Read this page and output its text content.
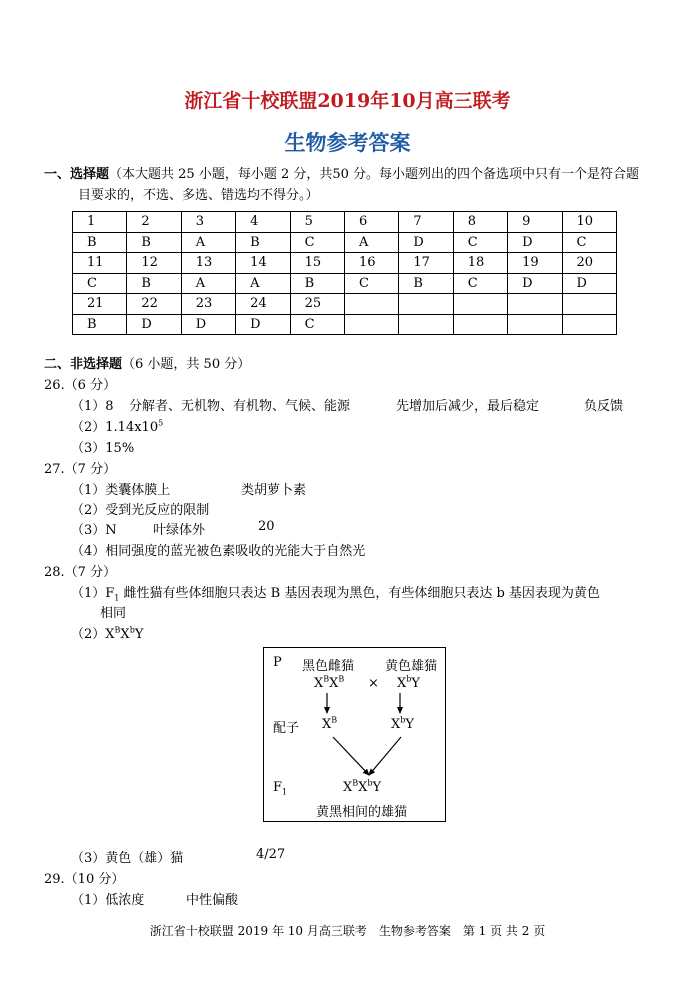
浙江省十校联盟2019年10月高三联考
生物参考答案
一、选择题（本大题共 25 小题，每小题 2 分，共50 分。每小题列出的四个备选项中只有一个是符合题
目要求的，不选、多选、错选均不得分。）
1	2	3	4	5	6	7	8	9	10
B	B	A	B	C	A	D	C	D	C
11	12	13	14	15	16	17	18	19	20
C	B	A	A	B	C	B	C	D	D
21	22	23	24	25					
B	D	D	D	C					
二、非选择题（6 小题，共 50 分）
26.（6 分）
（1）8 分解者、无机物、有机物、气候、能源	先增加后减少，最后稳定	负反馈
$(2)1.14x10^5$
（3）15%
27.（7 分）
（1）类囊体膜上	类胡萝卜素
（2）受到光反应的限制
（3）N	叶绿体外	20
（4）相同强度的蓝光被色素吸收的光能大于自然光
28.（7 分）
$(1)F_1$ 雌性猫有些体细胞只表达 B 基因表现为黑色，有些体细胞只表达 b 基因表现为黄色
相同
$(2)X^BX^bY$
P 黑色雌猫 黄色雄猫
$X^BX^B \times X^bY$
配子 $X^B$	$X^bY$
$F_1$	$X^BX^bY$
黄黑相间的雄猫
（3）黄色（雄）猫	4/27
29.（10 分）
（1）低浓度	中性偏酸
浙江省十校联盟 2019 年 10 月高三联考　生物参考答案　第 1 页 共 2 页
